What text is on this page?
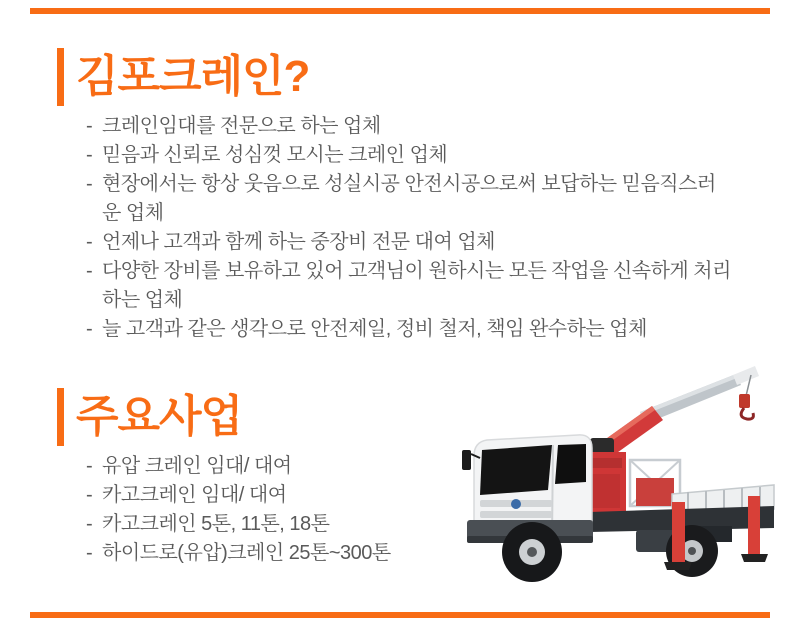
김포크레인?
- 크레인임대를 전문으로 하는 업체
- 믿음과 신뢰로 성심껏 모시는 크레인 업체
- 현장에서는 항상 웃음으로 성실시공 안전시공으로써 보답하는 믿음직스러운 업체
- 언제나 고객과 함께 하는 중장비 전문 대여 업체
- 다양한 장비를 보유하고 있어 고객님이 원하시는 모든 작업을 신속하게 처리하는 업체
- 늘 고객과 같은 생각으로 안전제일, 정비 철저, 책임 완수하는 업체
주요사업
- 유압 크레인 임대/ 대여
- 카고크레인 임대/ 대여
- 카고크레인 5톤, 11톤, 18톤
- 하이드로(유압)크레인 25톤~300톤
